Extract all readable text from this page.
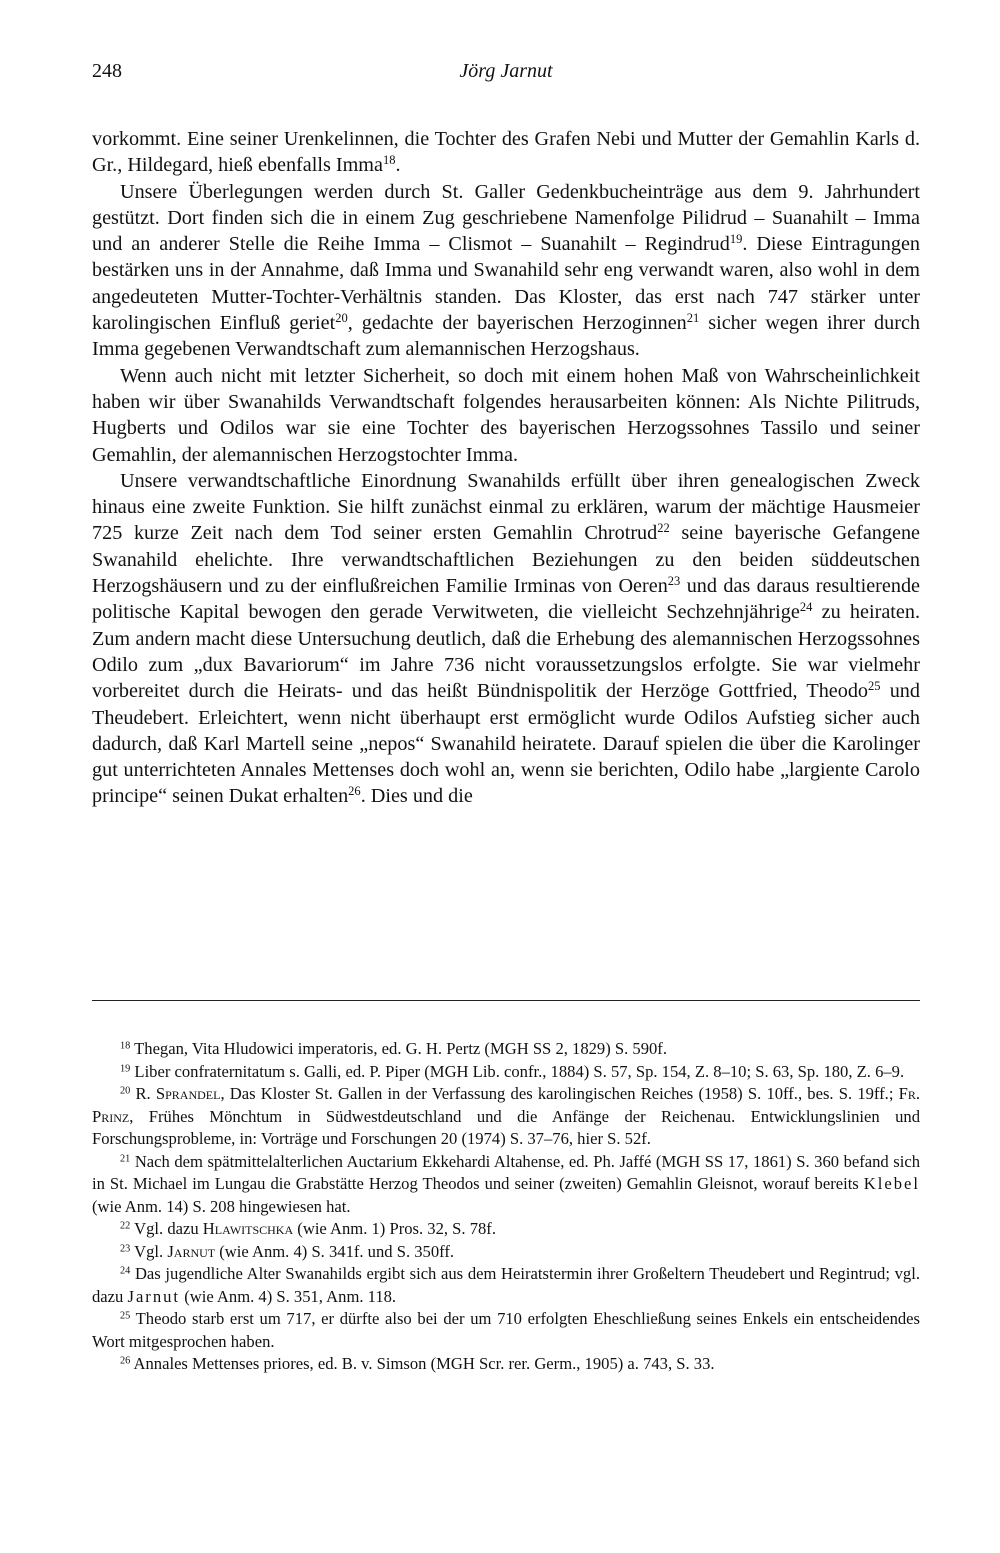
248	Jörg Jarnut

vorkommt. Eine seiner Urenkelinnen, die Tochter des Grafen Nebi und Mutter der Gemahlin Karls d. Gr., Hildegard, hieß ebenfalls Imma$^{18}$.

Unsere Überlegungen werden durch St. Galler Gedenkbucheinträge aus dem 9. Jahrhundert gestützt. Dort finden sich die in einem Zug geschriebene Namenfolge Pilidrud – Suanahilt – Imma und an anderer Stelle die Reihe Imma – Clismot – Suanahilt – Regindrud$^{19}$. Diese Eintragungen bestärken uns in der Annahme, daß Imma und Swanahild sehr eng verwandt waren, also wohl in dem angedeuteten Mutter-Tochter-Verhältnis standen. Das Kloster, das erst nach 747 stärker unter karolingischen Einfluß geriet$^{20}$, gedachte der bayerischen Herzoginnen$^{21}$ sicher wegen ihrer durch Imma gegebenen Verwandtschaft zum alemannischen Herzogshaus.

Wenn auch nicht mit letzter Sicherheit, so doch mit einem hohen Maß von Wahrscheinlichkeit haben wir über Swanahilds Verwandtschaft folgendes herausarbeiten können: Als Nichte Pilitruds, Hugberts und Odilos war sie eine Tochter des bayerischen Herzogssohnes Tassilo und seiner Gemahlin, der alemannischen Herzogstochter Imma.

Unsere verwandtschaftliche Einordnung Swanahilds erfüllt über ihren genealogischen Zweck hinaus eine zweite Funktion. Sie hilft zunächst einmal zu erklären, warum der mächtige Hausmeier 725 kurze Zeit nach dem Tod seiner ersten Gemahlin Chrotrud$^{22}$ seine bayerische Gefangene Swanahild ehelichte. Ihre verwandtschaftlichen Beziehungen zu den beiden süddeutschen Herzogshäusern und zu der einflußreichen Familie Irminas von Oeren$^{23}$ und das daraus resultierende politische Kapital bewogen den gerade Verwitweten, die vielleicht Sechzehnjährige$^{24}$ zu heiraten. Zum andern macht diese Untersuchung deutlich, daß die Erhebung des alemannischen Herzogssohnes Odilo zum „dux Bavariorum“ im Jahre 736 nicht voraussetzungslos erfolgte. Sie war vielmehr vorbereitet durch die Heirats- und das heißt Bündnispolitik der Herzöge Gottfried, Theodo$^{25}$ und Theudebert. Erleichtert, wenn nicht überhaupt erst ermöglicht wurde Odilos Aufstieg sicher auch dadurch, daß Karl Martell seine „nepos“ Swanahild heiratete. Darauf spielen die über die Karolinger gut unterrichteten Annales Mettenses doch wohl an, wenn sie berichten, Odilo habe „largiente Carolo principe“ seinen Dukat erhalten$^{26}$. Dies und die

$^{18}$ Thegan, Vita Hludowici imperatoris, ed. G. H. Pertz (MGH SS 2, 1829) S. 590f.

$^{19}$ Liber confraternitatum s. Galli, ed. P. Piper (MGH Lib. confr., 1884) S. 57, Sp. 154, Z. 8–10; S. 63, Sp. 180, Z. 6–9.

$^{20}$ R. Sprandel, Das Kloster St. Gallen in der Verfassung des karolingischen Reiches (1958) S. 10ff., bes. S. 19ff.; Fr. Prinz, Frühes Mönchtum in Südwestdeutschland und die Anfänge der Reichenau. Entwicklungslinien und Forschungsprobleme, in: Vorträge und Forschungen 20 (1974) S. 37–76, hier S. 52f.

$^{21}$ Nach dem spätmittelalterlichen Auctarium Ekkehardi Altahense, ed. Ph. Jaffé (MGH SS 17, 1861) S. 360 befand sich in St. Michael im Lungau die Grabstätte Herzog Theodos und seiner (zweiten) Gemahlin Gleisnot, worauf bereits Klebel (wie Anm. 14) S. 208 hingewiesen hat.

$^{22}$ Vgl. dazu Hlawitschka (wie Anm. 1) Pros. 32, S. 78f.

$^{23}$ Vgl. Jarnut (wie Anm. 4) S. 341f. und S. 350ff.

$^{24}$ Das jugendliche Alter Swanahilds ergibt sich aus dem Heiratstermin ihrer Großeltern Theudebert und Regintrud; vgl. dazu Jarnut (wie Anm. 4) S. 351, Anm. 118.

$^{25}$ Theodo starb erst um 717, er dürfte also bei der um 710 erfolgten Eheschließung seines Enkels ein entscheidendes Wort mitgesprochen haben.

$^{26}$ Annales Mettenses priores, ed. B. v. Simson (MGH Scr. rer. Germ., 1905) a. 743, S. 33.
